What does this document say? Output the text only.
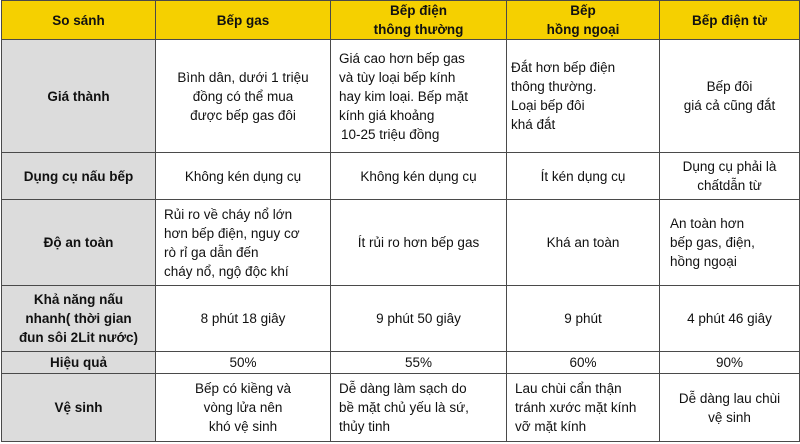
So sánh	Bếp gas	Bếp điện
thông thường	Bếp
hồng ngoại	Bếp điện từ

Giá thành	Bình dân, dưới 1 triệu
đồng có thể mua
được bếp gas đôi	Giá cao hơn bếp gas
và tùy loại bếp kính
hay kim loại. Bếp mặt
kính giá khoảng
10-25 triệu đồng	Đắt hơn bếp điện
thông thường.
Loại bếp đôi
khá đắt	Bếp đôi
giá cả cũng đắt

Dụng cụ nấu bếp	Không kén dụng cụ	Không kén dụng cụ	Ít kén dụng cụ	Dụng cụ phải là
chấtdẫn từ

Độ an toàn	Rủi ro về cháy nổ lớn
hơn bếp điện, nguy cơ
rò rỉ ga dẫn đến
cháy nổ, ngộ độc khí	Ít rủi ro hơn bếp gas	Khá an toàn	An toàn hơn
bếp gas, điện,
hồng ngoại

Khả năng nấu
nhanh( thời gian
đun sôi 2Lit nước)	8 phút 18 giây	9 phút 50 giây	9 phút	4 phút 46 giây

Hiệu quả	50%	55%	60%	90%

Vệ sinh	Bếp có kiềng và
vòng lửa nên
khó vệ sinh	Dễ dàng làm sạch do
bề mặt chủ yếu là sứ,
thủy tinh	Lau chùi cẩn thận
tránh xước mặt kính
vỡ mặt kính	Dễ dàng lau chùi
vệ sinh
